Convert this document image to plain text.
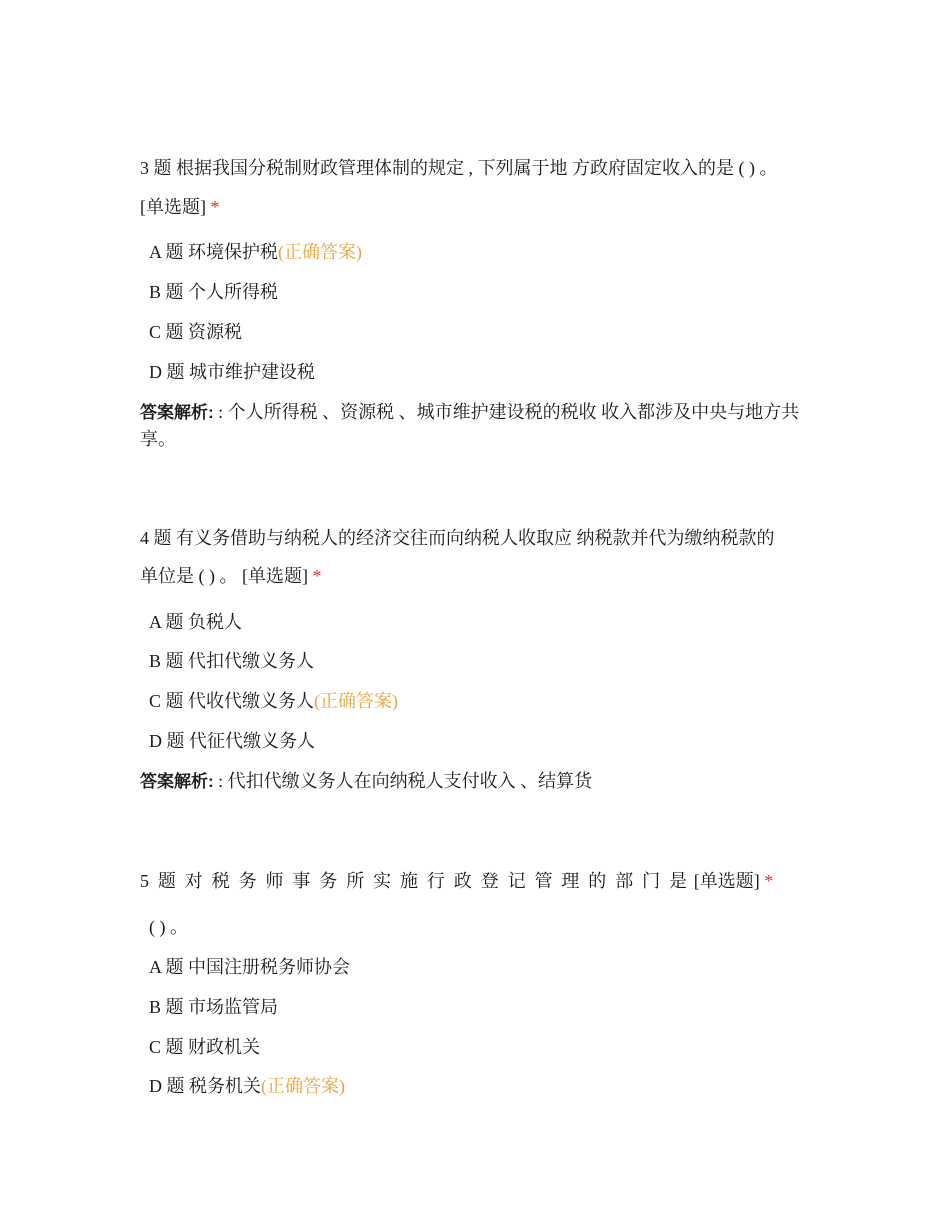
3 题 根据我国分税制财政管理体制的规定 , 下列属于地 方政府固定收入的是 ( ) 。
[单选题] *
A 题 环境保护税(正确答案)
B 题 个人所得税
C 题 资源税
D 题 城市维护建设税
答案解析: : 个人所得税 、资源税 、城市维护建设税的税收 收入都涉及中央与地方共享。
4 题 有义务借助与纳税人的经济交往而向纳税人收取应 纳税款并代为缴纳税款的
单位是 ( ) 。 [单选题] *
A 题 负税人
B 题 代扣代缴义务人
C 题 代收代缴义务人(正确答案)
D 题 代征代缴义务人
答案解析: : 代扣代缴义务人在向纳税人支付收入 、结算货
5 题 对 税 务 师 事 务 所 实 施 行 政 登 记 管 理 的 部 门 是 [单选题] *
( ) 。
A 题 中国注册税务师协会
B 题 市场监管局
C 题 财政机关
D 题 税务机关(正确答案)
